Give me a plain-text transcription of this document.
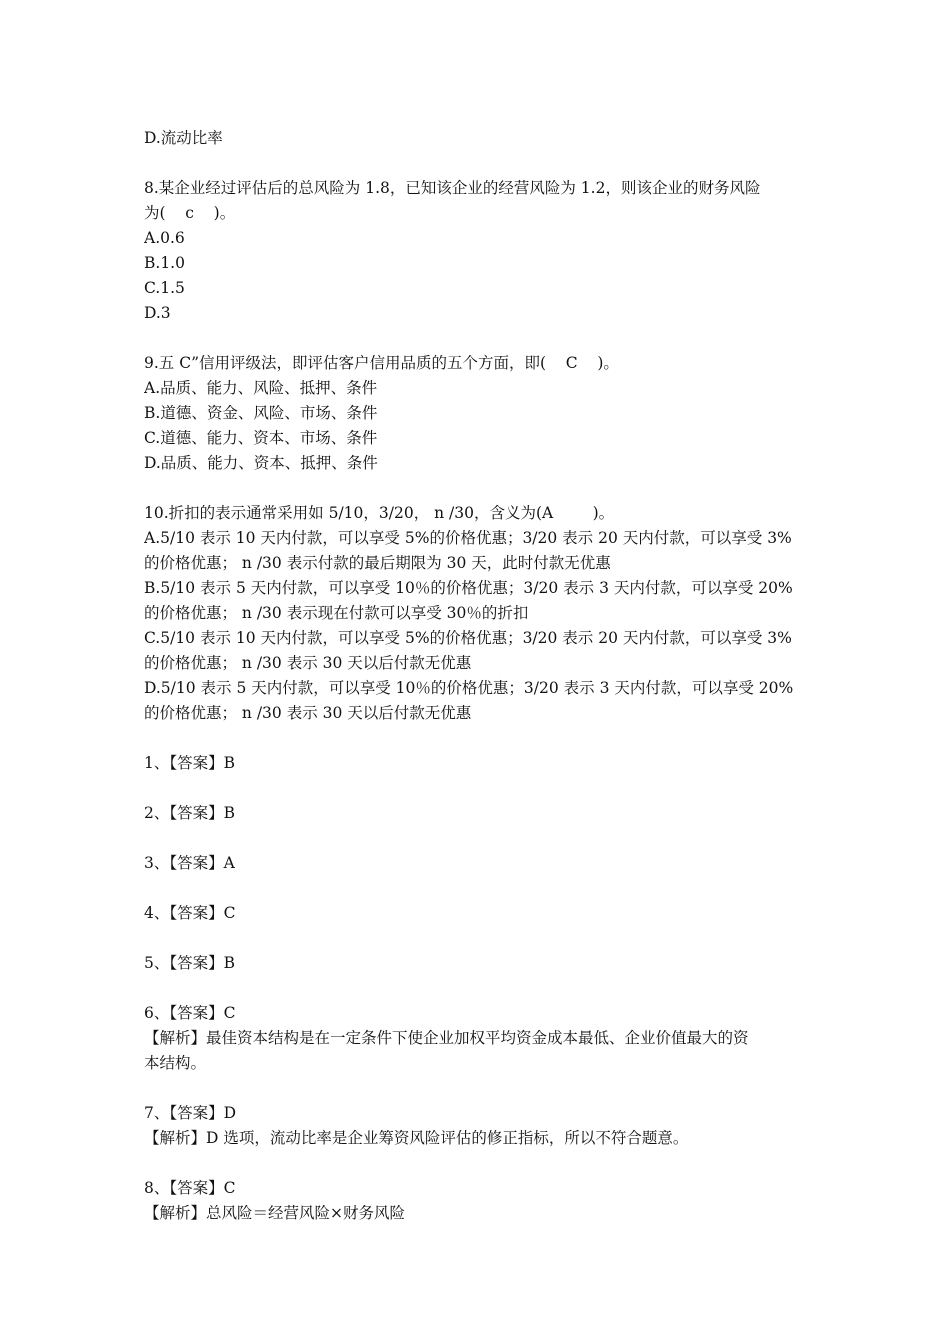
D.流动比率
8.某企业经过评估后的总风险为 1.8，已知该企业的经营风险为 1.2，则该企业的财务风险
为(    c    )。
A.0.6
B.1.0
C.1.5
D.3
9.五 C”信用评级法，即评估客户信用品质的五个方面，即(    C    )。
A.品质、能力、风险、抵押、条件
B.道德、资金、风险、市场、条件
C.道德、能力、资本、市场、条件
D.品质、能力、资本、抵押、条件
10.折扣的表示通常采用如 5/10，3/20， n /30，含义为(A        )。
A.5/10 表示 10 天内付款，可以享受 5%的价格优惠；3/20 表示 20 天内付款，可以享受 3%
的价格优惠； n /30 表示付款的最后期限为 30 天，此时付款无优惠
B.5/10 表示 5 天内付款，可以享受 10％的价格优惠；3/20 表示 3 天内付款，可以享受 20%
的价格优惠； n /30 表示现在付款可以享受 30％的折扣
C.5/10 表示 10 天内付款，可以享受 5%的价格优惠；3/20 表示 20 天内付款，可以享受 3%
的价格优惠； n /30 表示 30 天以后付款无优惠
D.5/10 表示 5 天内付款，可以享受 10％的价格优惠；3/20 表示 3 天内付款，可以享受 20%
的价格优惠； n /30 表示 30 天以后付款无优惠
1、【答案】B
2、【答案】B
3、【答案】A
4、【答案】C
5、【答案】B
6、【答案】C
【解析】最佳资本结构是在一定条件下使企业加权平均资金成本最低、企业价值最大的资
本结构。
7、【答案】D
【解析】D 选项，流动比率是企业筹资风险评估的修正指标，所以不符合题意。
8、【答案】C
【解析】总风险＝经营风险×财务风险
